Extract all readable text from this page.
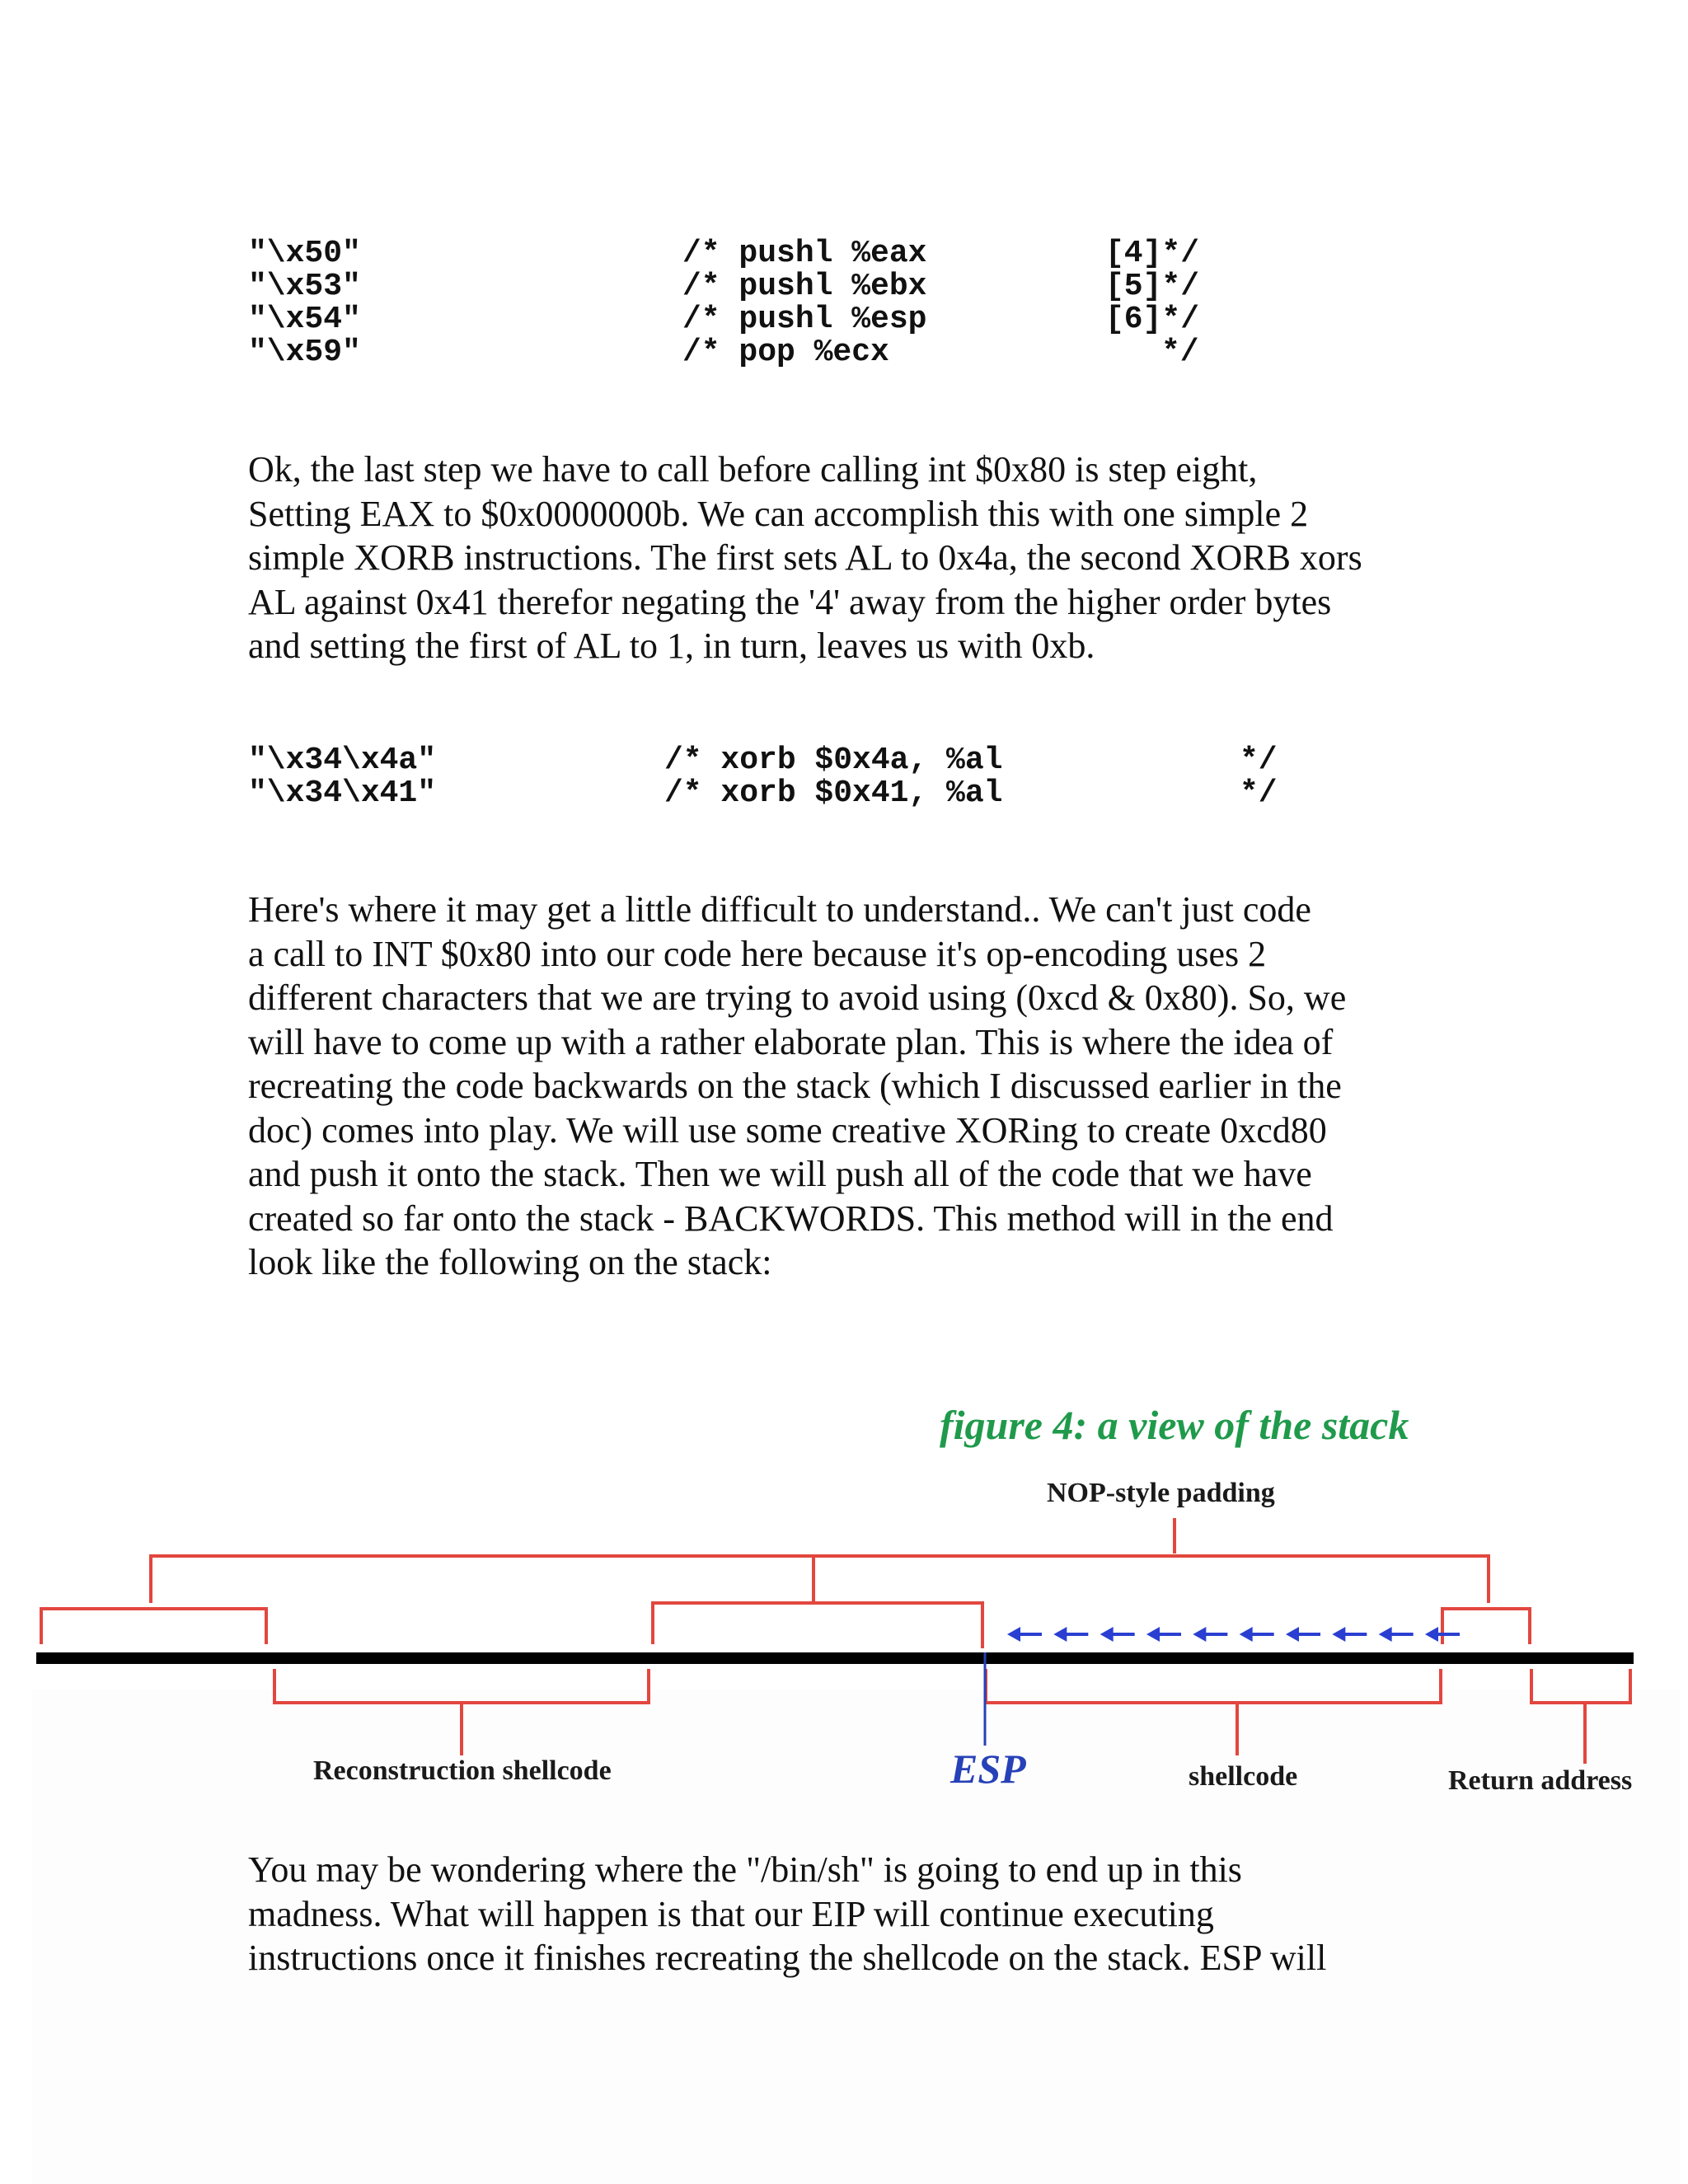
"\x50"	/* pushl %eax	[4]*/
"\x53"	/* pushl %ebx	[5]*/
"\x54"	/* pushl %esp	[6]*/
"\x59"	/* pop %ecx	*/
Ok, the last step we have to call before calling int $0x80 is step eight,
Setting EAX to $0x0000000b. We can accomplish this with one simple 2
simple XORB instructions. The first sets AL to 0x4a, the second XORB xors
AL against 0x41 therefor negating the '4' away from the higher order bytes
and setting the first of AL to 1, in turn, leaves us with 0xb.
"\x34\x4a"	/* xorb $0x4a, %al	*/
"\x34\x41"	/* xorb $0x41, %al	*/
Here's where it may get a little difficult to understand.. We can't just code
a call to INT $0x80 into our code here because it's op-encoding uses 2
different characters that we are trying to avoid using (0xcd & 0x80). So, we
will have to come up with a rather elaborate plan. This is where the idea of
recreating the code backwards on the stack (which I discussed earlier in the
doc) comes into play. We will use some creative XORing to create 0xcd80
and push it onto the stack. Then we will push all of the code that we have
created so far onto the stack - BACKWORDS. This method will in the end
look like the following on the stack:
figure 4: a view of the stack
NOP-style padding
Reconstruction shellcode	ESP	shellcode	Return address
You may be wondering where the "/bin/sh" is going to end up in this
madness. What will happen is that our EIP will continue executing
instructions once it finishes recreating the shellcode on the stack. ESP will
